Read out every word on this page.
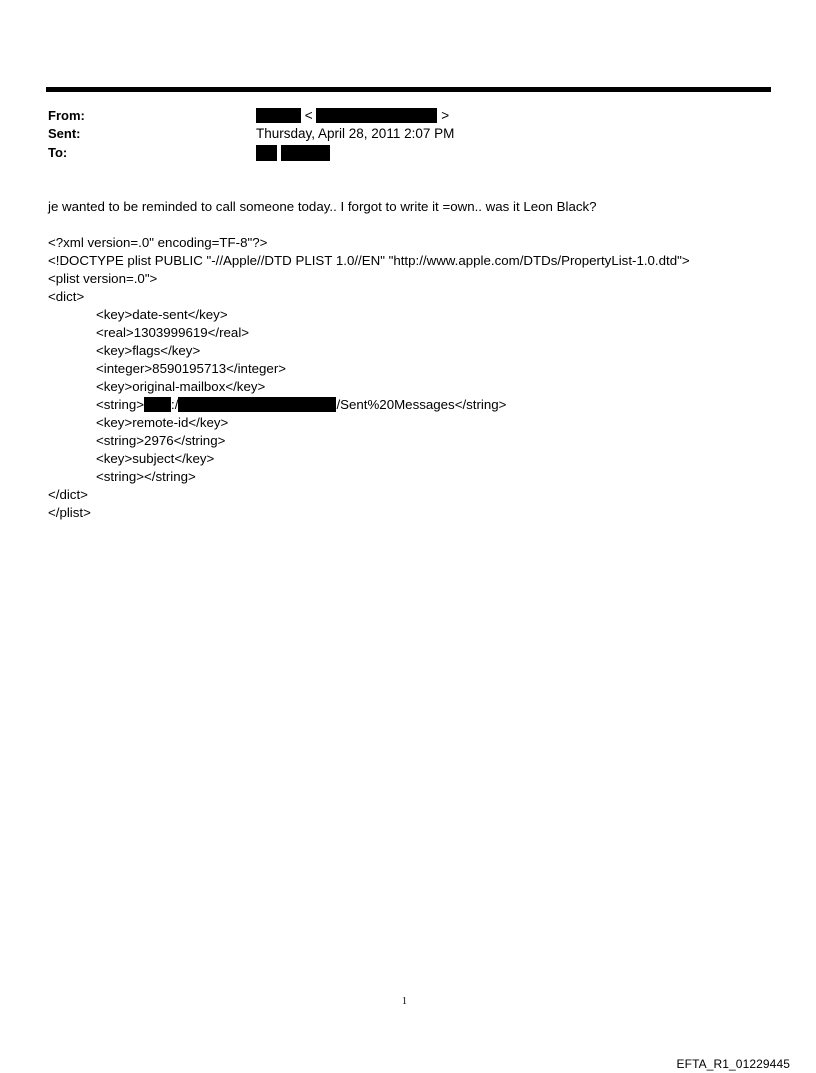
From:	<	>
Sent:	Thursday, April 28, 2011 2:07 PM
To:

je wanted to be reminded to call someone today.. I forgot to write it =own.. was it Leon Black?
<?xml version=.0" encoding=TF-8"?>
<!DOCTYPE plist PUBLIC "-//Apple//DTD PLIST 1.0//EN" "http://www.apple.com/DTDs/PropertyList-1.0.dtd">
<plist version=.0">
<dict>
<key>date-sent</key>
<real>1303999619</real>
<key>flags</key>
<integer>8590195713</integer>
<key>original-mailbox</key>
<string> :/	/Sent%20Messages</string>
<key>remote-id</key>
<string>2976</string>
<key>subject</key>
<string></string>
</dict>
</plist>
1
EFTA_R1_01229445
